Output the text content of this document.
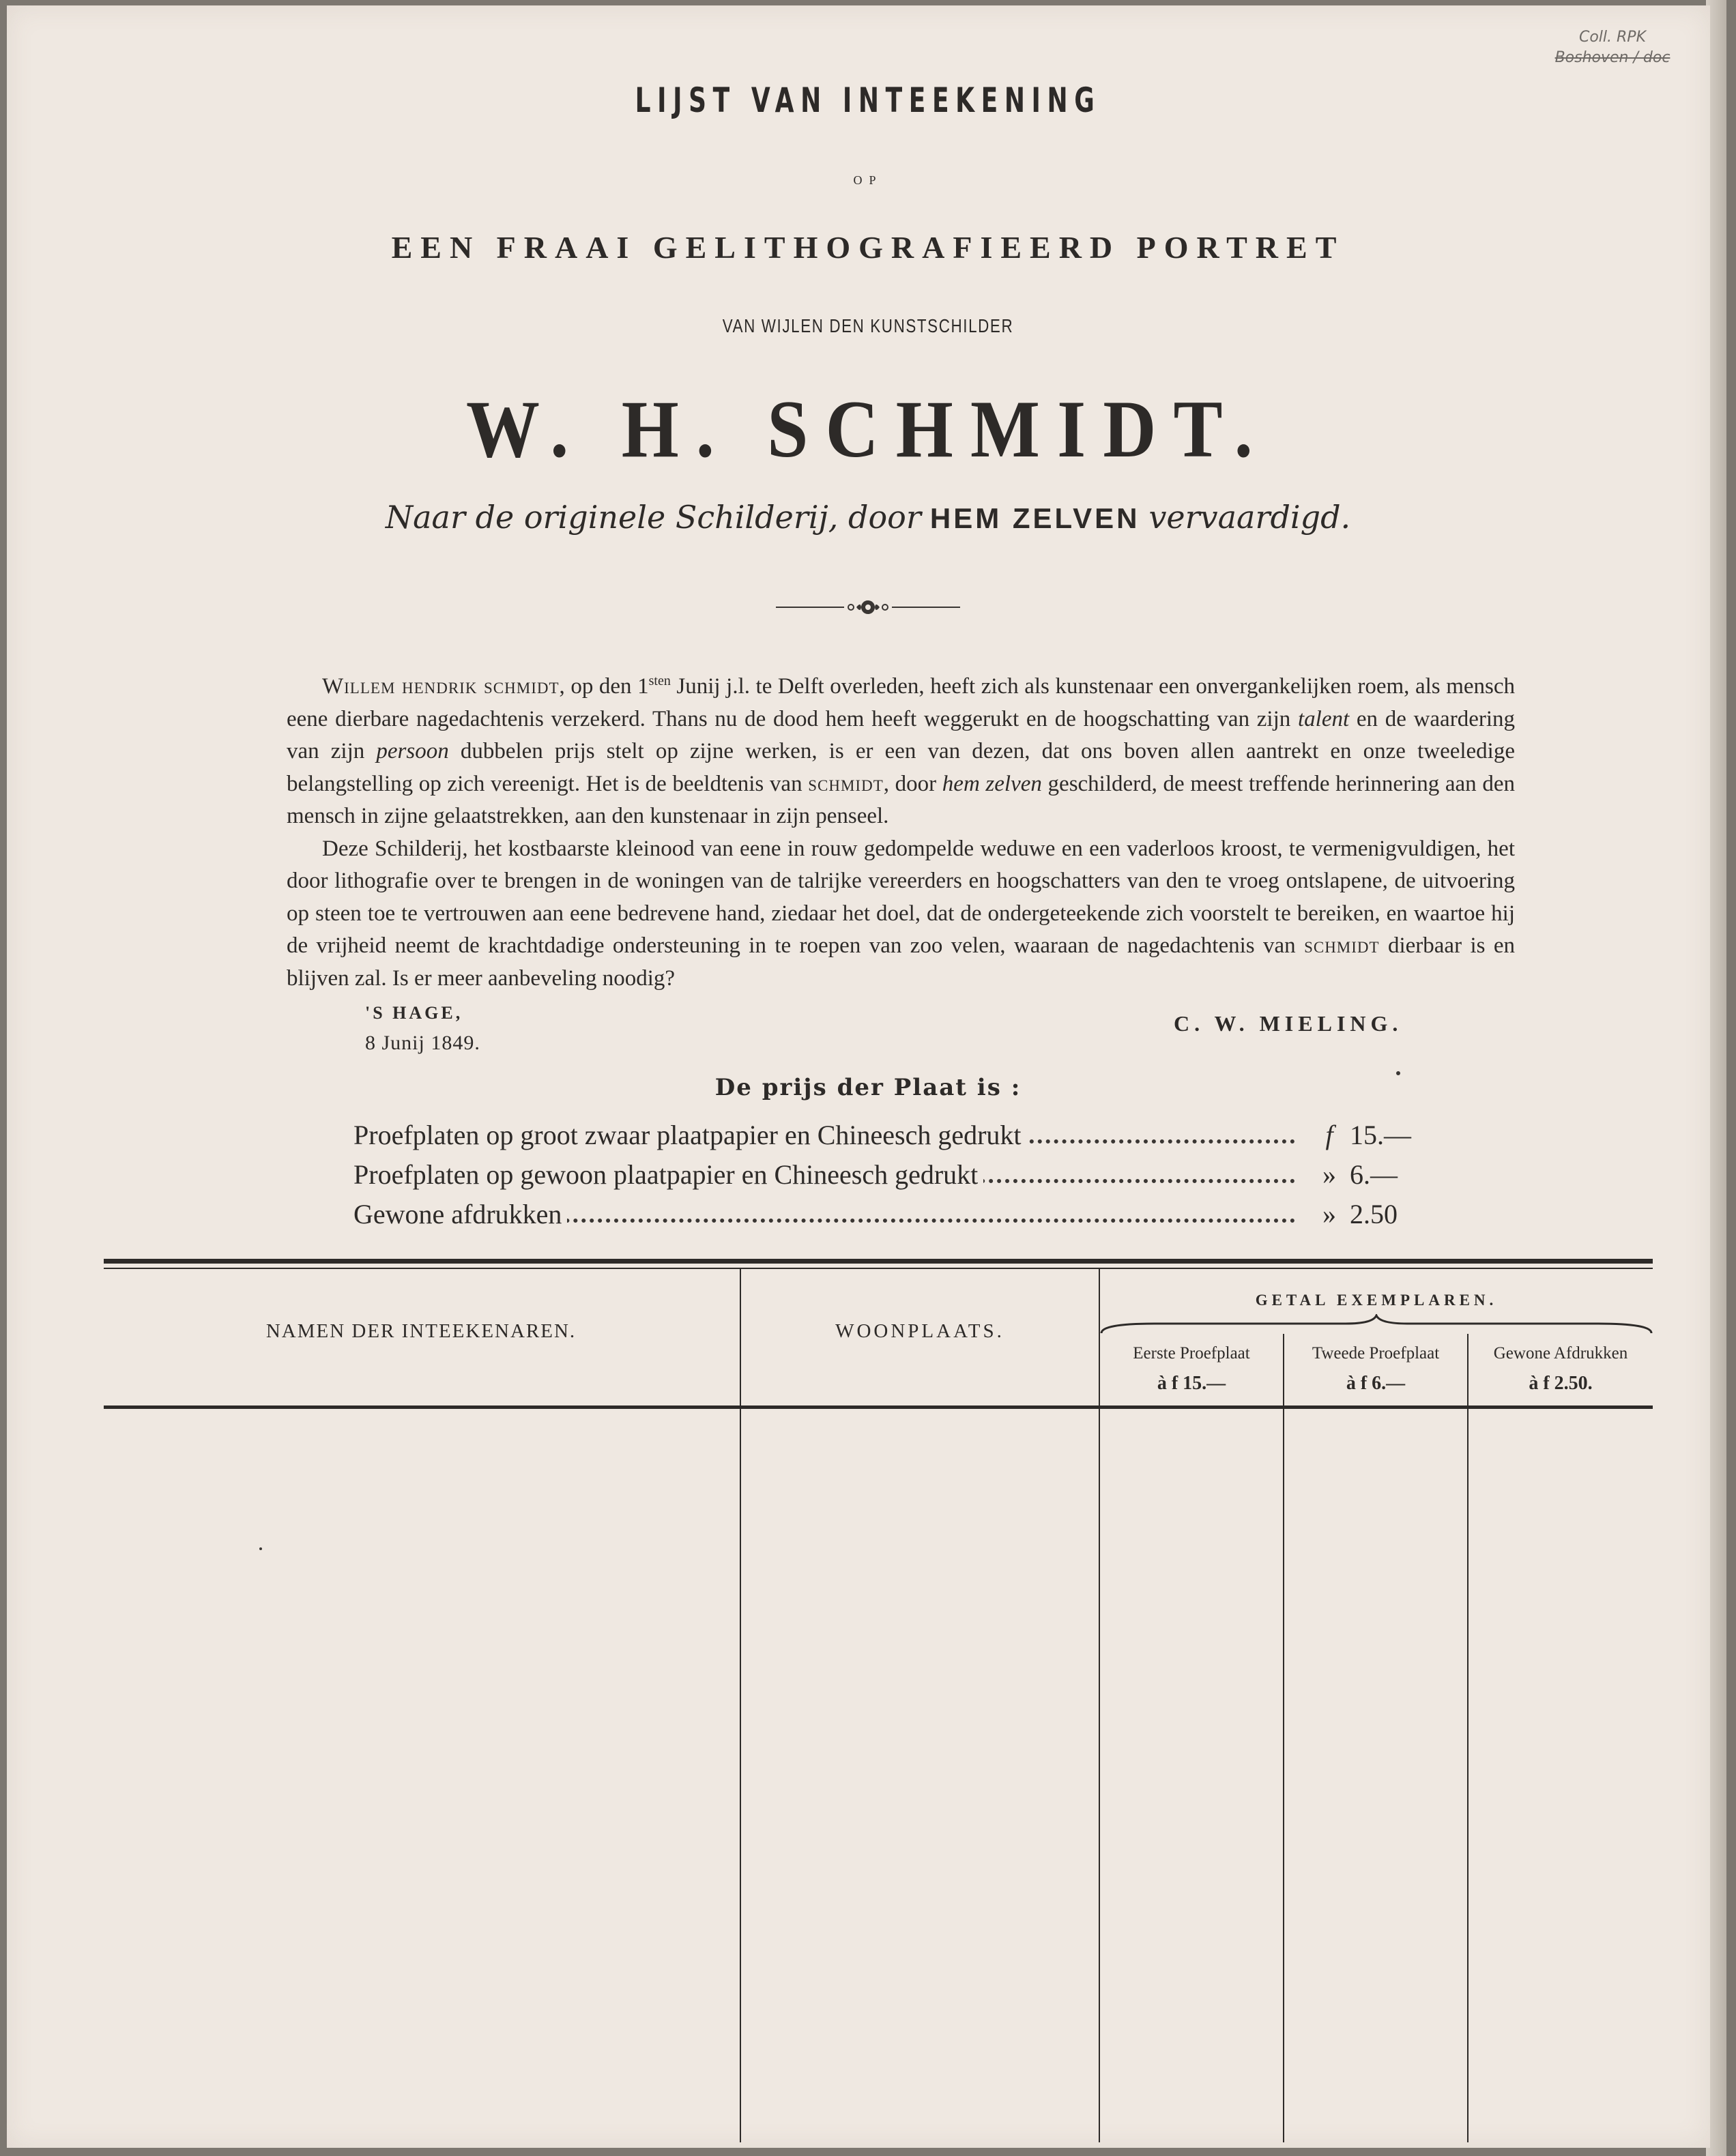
Coll. RPK
Boshoven / doc
LIJST VAN INTEEKENING
OP
EEN FRAAI GELITHOGRAFIEERD PORTRET
VAN WIJLEN DEN KUNSTSCHILDER
W. H. SCHMIDT.
Naar de originele Schilderij, door HEM ZELVEN vervaardigd.

Willem hendrik schmidt, op den $1^{sten}$ Junij j.l. te Delft overleden, heeft zich als kunstenaar een onvergankelijken roem, als mensch eene dierbare nagedachtenis verzekerd. Thans nu de dood hem heeft weggerukt en de hoogschatting van zijn talent en de waardering van zijn persoon dubbelen prijs stelt op zijne werken, is er een van dezen, dat ons boven allen aantrekt en onze tweeledige belangstelling op zich vereenigt. Het is de beeldtenis van schmidt, door hem zelven geschilderd, de meest treffende herinnering aan den mensch in zijne gelaatstrekken, aan den kunstenaar in zijn penseel.

Deze Schilderij, het kostbaarste kleinood van eene in rouw gedompelde weduwe en een vaderloos kroost, te vermenigvuldigen, het door lithografie over te brengen in de woningen van de talrijke vereerders en hoogschatters van den te vroeg ontslapene, de uitvoering op steen toe te vertrouwen aan eene bedrevene hand, ziedaar het doel, dat de ondergeteekende zich voorstelt te bereiken, en waartoe hij de vrijheid neemt de krachtdadige ondersteuning in te roepen van zoo velen, waaraan de nagedachtenis van schmidt dierbaar is en blijven zal. Is er meer aanbeveling noodig?

'S HAGE,
8 Junij 1849.
C. W. MIELING.
De prijs der Plaat is :
Proefplaten op groot zwaar plaatpapier en Chineesch gedrukt	f 15.—
Proefplaten op gewoon plaatpapier en Chineesch gedrukt	» 6.—
Gewone afdrukken	» 2.50
NAMEN DER INTEEKENAREN.	WOONPLAATS.
GETAL EXEMPLAREN.
Eerste Proefplaat
à f 15.—
Tweede Proefplaat
à f 6.—
Gewone Afdrukken
à f 2.50.
